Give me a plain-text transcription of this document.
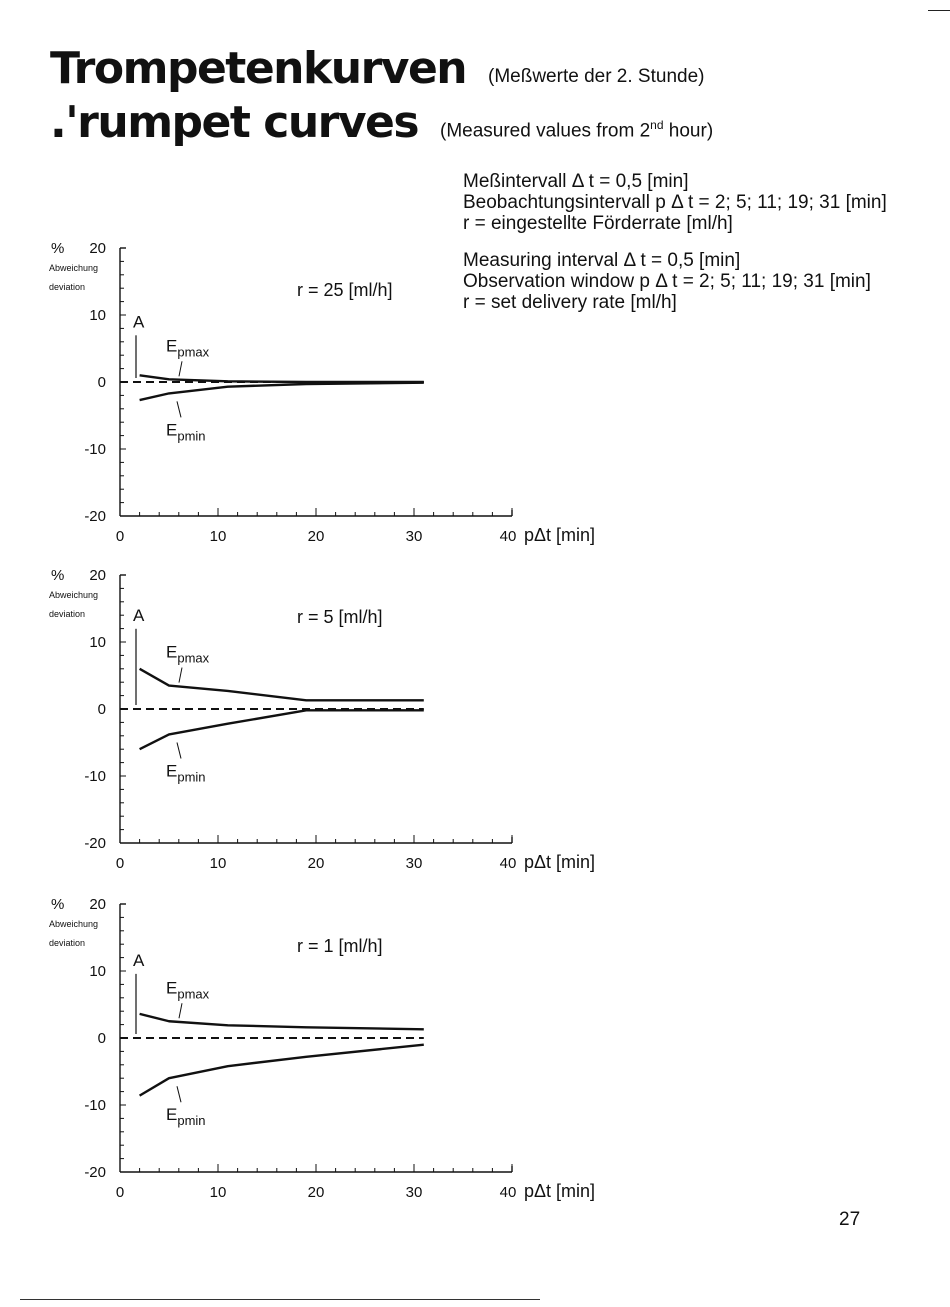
Trompetenkurven (Meßwerte der 2. Stunde)
.'rumpet curves (Measured values from 2nd hour)

Meßintervall Δ t = 0,5 [min]

Beobachtungsintervall p Δ t = 2; 5; 11; 19; 31 [min]

r = eingestellte Förderrate [ml/h]

Measuring interval Δ t = 0,5 [min]

Observation window p Δ t = 2; 5; 11; 19; 31 [min]

r = set delivery rate [ml/h]

20
10
0
-10
-20
0	10	20	30	40 pΔt [min]
%
Abweichung
deviation	r = 25 [ml/h]
A
$E_{pmax}$
$E_{pmin}$
20
10
0
-10
-20
0	10	20	30	40 pΔt [min]
%
Abweichung
deviation	r = 5 [ml/h]
A
$E_{pmax}$
$E_{pmin}$
20
10
0
-10
-20
0	10	20	30	40 pΔt [min]
%
Abweichung
deviation	r = 1 [ml/h]
A
$E_{pmax}$
$E_{pmin}$
27
